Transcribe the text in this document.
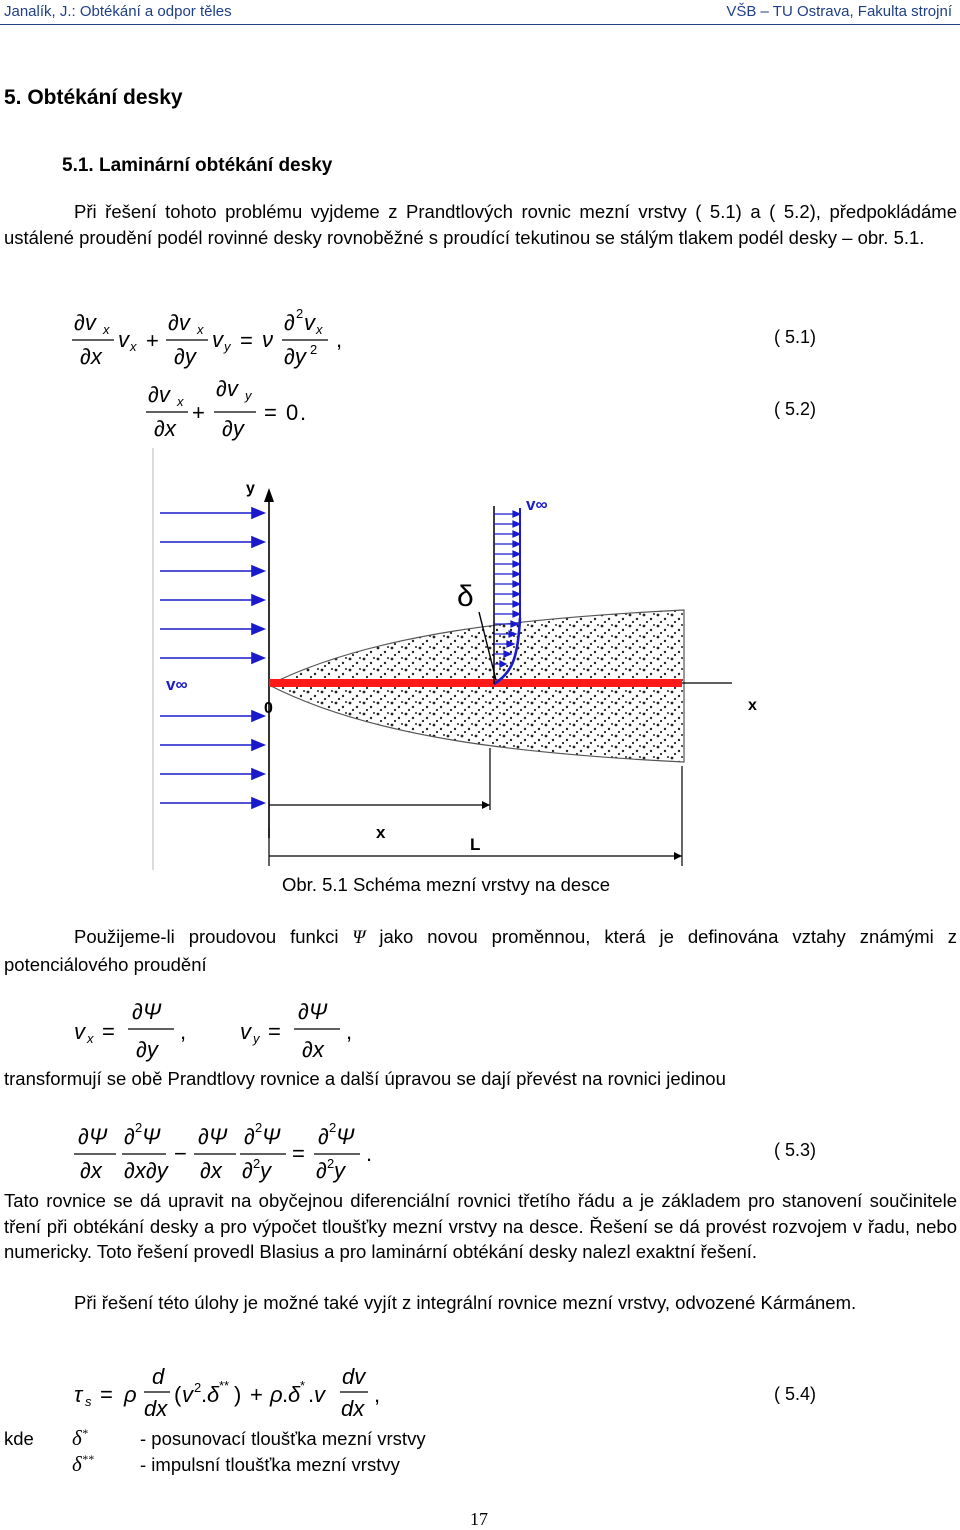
Janalík, J.: Obtékání a odpor těles	VŠB – TU Ostrava, Fakulta strojní
5. Obtékání desky
5.1. Laminární obtékání desky
Při řešení tohoto problému vyjdeme z Prandtlových rovnic mezní vrstvy ( 5.1) a ( 5.2), předpokládáme ustálené proudění podél rovinné desky rovnoběžné s proudící tekutinou se stálým tlakem podél desky – obr. 5.1.
∂v x
∂x
v x +
∂v x
∂y
v y = ν
∂ 2 v x
∂y 2 ,	( 5.1)
∂v x
∂x
+
∂v y
∂y
= 0 .	( 5.2)
y
x
0
x
L
δ
v∞
v∞
Obr. 5.1 Schéma mezní vrstvy na desce
Použijeme-li proudovou funkci Ψ jako novou proměnnou, která je definována vztahy známými z potenciálového proudění
v x =
∂Ψ
∂y
, v y =
∂Ψ
∂x
,
transformují se obě Prandtlovy rovnice a další úpravou se dají převést na rovnici jedinou
∂Ψ
∂x
∂ 2 Ψ
∂x∂y
−
∂Ψ
∂x
∂ 2 Ψ
∂ 2 y
=
∂ 2 Ψ
∂ 2 y
.	( 5.3)
Tato rovnice se dá upravit na obyčejnou diferenciální rovnici třetího řádu a je základem pro stanovení součinitele tření při obtékání desky a pro výpočet tloušťky mezní vrstvy na desce. Řešení se dá provést rozvojem v řadu, nebo numericky. Toto řešení provedl Blasius a pro laminární obtékání desky nalezl exaktní řešení.
Při řešení této úlohy je možné také vyjít z integrální rovnice mezní vrstvy, odvozené Kármánem.
τ s = ρ
d
dx
( v 2 . δ ** ) + ρ . δ * . v
dv
dx
,	( 5.4)
kde δ*	- posunovací tloušťka mezní vrstvy
δ** - impulsní tloušťka mezní vrstvy
17
